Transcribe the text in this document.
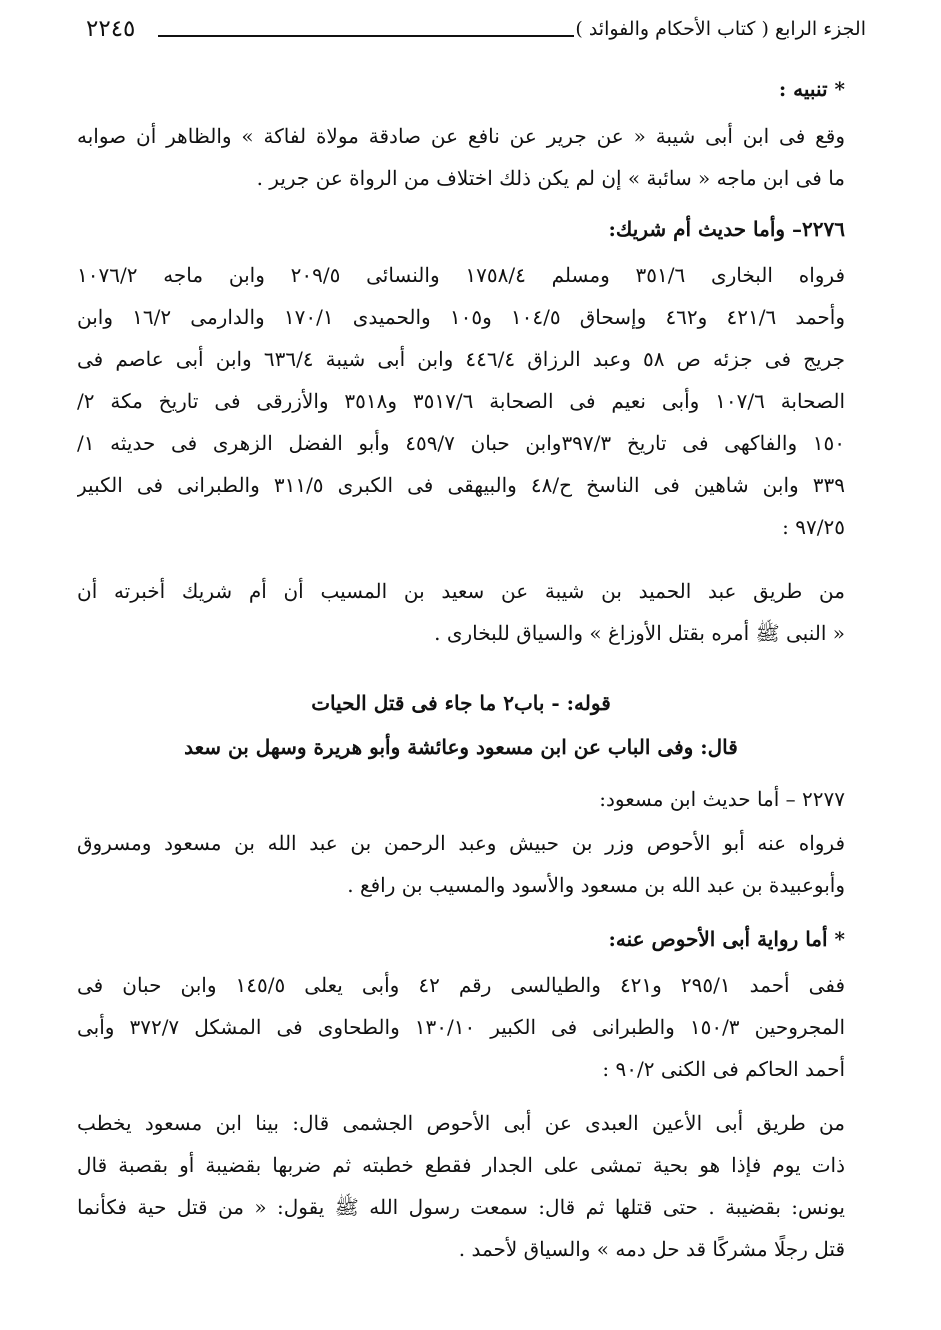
الجزء الرابع ( كتاب الأحكام والفوائد )
٢٢٤٥
* تنبيه :
وقع فى ابن أبى شيبة « عن جرير عن نافع عن صادقة مولاة لفاكة » والظاهر أن صوابه
ما فى ابن ماجه « سائبة » إن لم يكن ذلك اختلاف من الرواة عن جرير .
٢٢٧٦– وأما حديث أم شريك:
فرواه البخارى ٣٥١/٦ ومسلم ١٧٥٨/٤ والنسائى ٢٠٩/٥ وابن ماجه ١٠٧٦/٢
وأحمد ٤٢١/٦ و٤٦٢ وإسحاق ١٠٤/٥ و١٠٥ والحميدى ١٧٠/١ والدارمى ١٦/٢ وابن
جريج فى جزئه ص ٥٨ وعبد الرزاق ٤٤٦/٤ وابن أبى شيبة ٦٣٦/٤ وابن أبى عاصم فى
الصحابة ١٠٧/٦ وأبى نعيم فى الصحابة ٣٥١٧/٦ و٣٥١٨ والأزرقى فى تاريخ مكة ٢/
١٥٠ والفاكهى فى تاريخ ٣٩٧/٣وابن حبان ٤٥٩/٧ وأبو الفضل الزهرى فى حديثه ١/
٣٣٩ وابن شاهين فى الناسخ ح/٤٨ والبيهقى فى الكبرى ٣١١/٥ والطبرانى فى الكبير
٩٧/٢٥ :
من طريق عبد الحميد بن شيبة عن سعيد بن المسيب أن أم شريك أخبرته أن
« النبى ﷺ أمره بقتل الأوزاغ » والسياق للبخارى .
قوله: - باب٢ ما جاء فى قتل الحيات
قال: وفى الباب عن ابن مسعود وعائشة وأبو هريرة وسهل بن سعد
٢٢٧٧ – أما حديث ابن مسعود:
فرواه عنه أبو الأحوص وزر بن حبيش وعبد الرحمن بن عبد الله بن مسعود ومسروق
وأبوعبيدة بن عبد الله بن مسعود والأسود والمسيب بن رافع .
* أما رواية أبى الأحوص عنه:
ففى أحمد ٢٩٥/١ و٤٢١ والطيالسى رقم ٤٢ وأبى يعلى ١٤٥/٥ وابن حبان فى
المجروحين ١٥٠/٣ والطبرانى فى الكبير ١٣٠/١٠ والطحاوى فى المشكل ٣٧٢/٧ وأبى
أحمد الحاكم فى الكنى ٩٠/٢ :
من طريق أبى الأعين العبدى عن أبى الأحوص الجشمى قال: بينا ابن مسعود يخطب
ذات يوم فإذا هو بحية تمشى على الجدار فقطع خطبته ثم ضربها بقضيبة أو بقصبة قال
يونس: بقضيبة . حتى قتلها ثم قال: سمعت رسول الله ﷺ يقول: « من قتل حية فكأنما
قتل رجلًا مشركًا قد حل دمه » والسياق لأحمد .
